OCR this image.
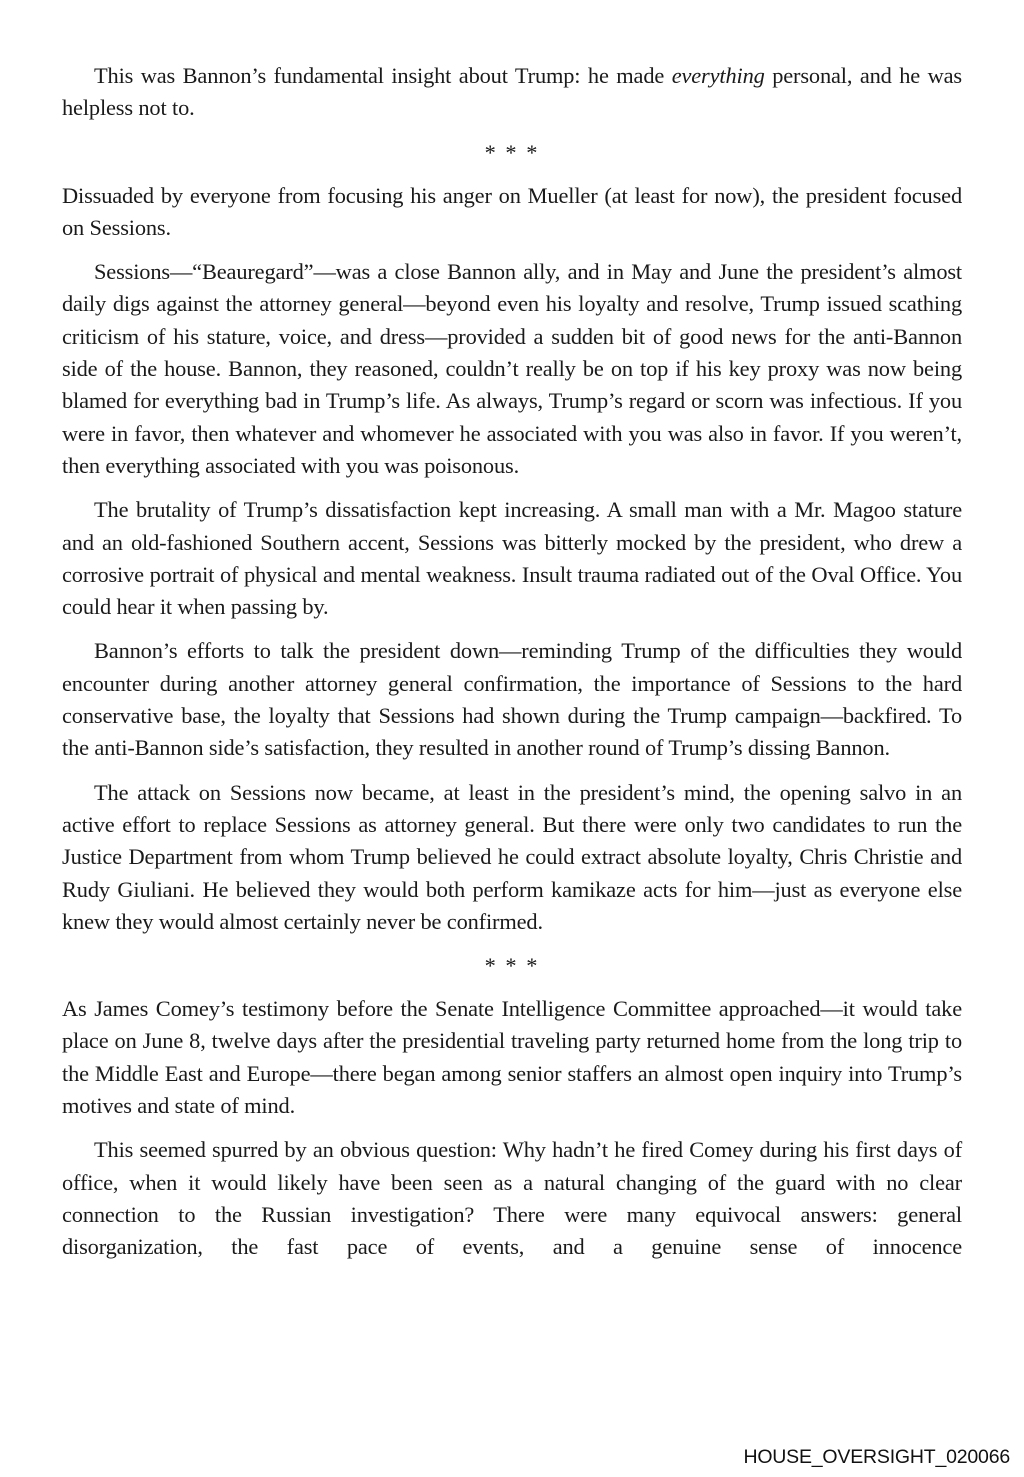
This was Bannon’s fundamental insight about Trump: he made everything personal, and he was helpless not to.

* * *

Dissuaded by everyone from focusing his anger on Mueller (at least for now), the president focused on Sessions.

Sessions—“Beauregard”—was a close Bannon ally, and in May and June the president’s almost daily digs against the attorney general—beyond even his loyalty and resolve, Trump issued scathing criticism of his stature, voice, and dress—provided a sudden bit of good news for the anti-Bannon side of the house. Bannon, they reasoned, couldn’t really be on top if his key proxy was now being blamed for everything bad in Trump’s life. As always, Trump’s regard or scorn was infectious. If you were in favor, then whatever and whomever he associated with you was also in favor. If you weren’t, then everything associated with you was poisonous.

The brutality of Trump’s dissatisfaction kept increasing. A small man with a Mr. Magoo stature and an old-fashioned Southern accent, Sessions was bitterly mocked by the president, who drew a corrosive portrait of physical and mental weakness. Insult trauma radiated out of the Oval Office. You could hear it when passing by.

Bannon’s efforts to talk the president down—reminding Trump of the difficulties they would encounter during another attorney general confirmation, the importance of Sessions to the hard conservative base, the loyalty that Sessions had shown during the Trump campaign—backfired. To the anti-Bannon side’s satisfaction, they resulted in another round of Trump’s dissing Bannon.

The attack on Sessions now became, at least in the president’s mind, the opening salvo in an active effort to replace Sessions as attorney general. But there were only two candidates to run the Justice Department from whom Trump believed he could extract absolute loyalty, Chris Christie and Rudy Giuliani. He believed they would both perform kamikaze acts for him—just as everyone else knew they would almost certainly never be confirmed.

* * *

As James Comey’s testimony before the Senate Intelligence Committee approached—it would take place on June 8, twelve days after the presidential traveling party returned home from the long trip to the Middle East and Europe—there began among senior staffers an almost open inquiry into Trump’s motives and state of mind.

This seemed spurred by an obvious question: Why hadn’t he fired Comey during his first days of office, when it would likely have been seen as a natural changing of the guard with no clear connection to the Russian investigation? There were many equivocal answers: general disorganization, the fast pace of events, and a genuine sense of innocence

HOUSE_OVERSIGHT_020066
